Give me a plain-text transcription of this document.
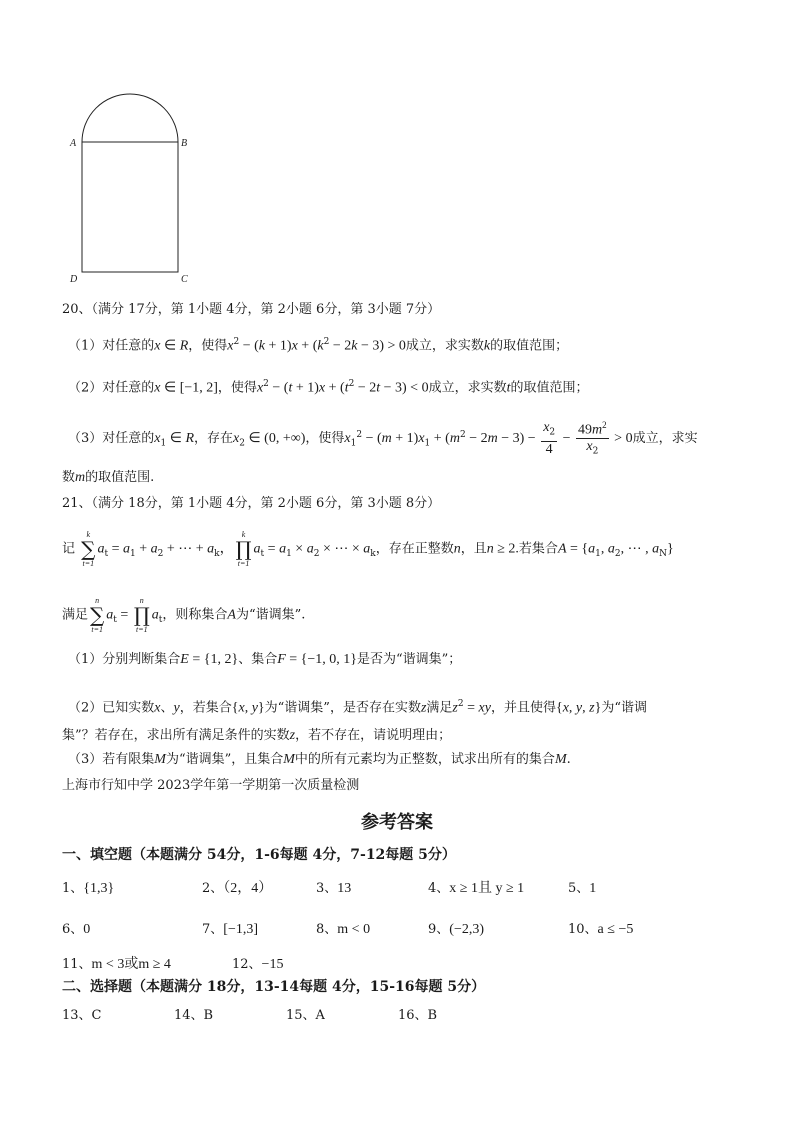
A	B
C
D
20、（满分 17分，第 1小题 4分，第 2小题 6分，第 3小题 7分）
（1）对任意的x ∈ R，使得$x^2 - (k + 1)x + (k^2 - 2k - 3) > 0$成立，求实数k的取值范围；
（2）对任意的x ∈ [−1, 2]，使得$x^2 - (t + 1)x + (t^2 - 2t - 3) < 0$成立，求实数t的取值范围；
（3）对任意的$x_1$ ∈ R，存在$x_2$ ∈ (0, +∞)，使得$x_1^2 - (m + 1)x_1 + (m^2 - 2m - 3) - \frac{x_2}{4} - \frac{49m^2}{x_2} > 0$成立，求实
数m的取值范围.
21、（满分 18分，第 1小题 4分，第 2小题 6分，第 3小题 8分）
记
k
∑
t=1
$a_t = a_1 + a_2$ + ⋯ + $a_k$，
k
∏
t=1
$a_t = a_1 \times a_2$ × ⋯ × $a_k$，存在正整数n，且n ≥ 2.若集合$A = \{a_1$, $a_2$, ⋯ , $a_N$}
满足
n
∑
t=1
$a_t$ =
n
∏
t=1
$a_t$，则称集合A为“谐调集”.
（1）分别判断集合E = {1, 2}、集合F = {−1, 0, 1}是否为“谐调集”；
（2）已知实数x、y，若集合{x, y}为“谐调集”，是否存在实数z满足$z^2$ = xy，并且使得{x, y, z}为“谐调
集”？若存在，求出所有满足条件的实数z，若不存在，请说明理由；
（3）若有限集M为“谐调集”，且集合M中的所有元素均为正整数，试求出所有的集合M.
上海市行知中学 2023学年第一学期第一次质量检测
参考答案
一、填空题（本题满分 54分，1-6每题 4分，7-12每题 5分）
二、选择题（本题满分 18分，13-14每题 4分，15-16每题 5分）
1、{1,3}	2、（2，4）	3、13	4、x ≥ 1且 y ≥ 1	5、1
6、0	7、[−1,3]	8、m < 0	9、(−2,3)	10、a ≤ −5
11、m < 3或m ≥ 4	12、−15
13、C	14、B	15、A	16、B
